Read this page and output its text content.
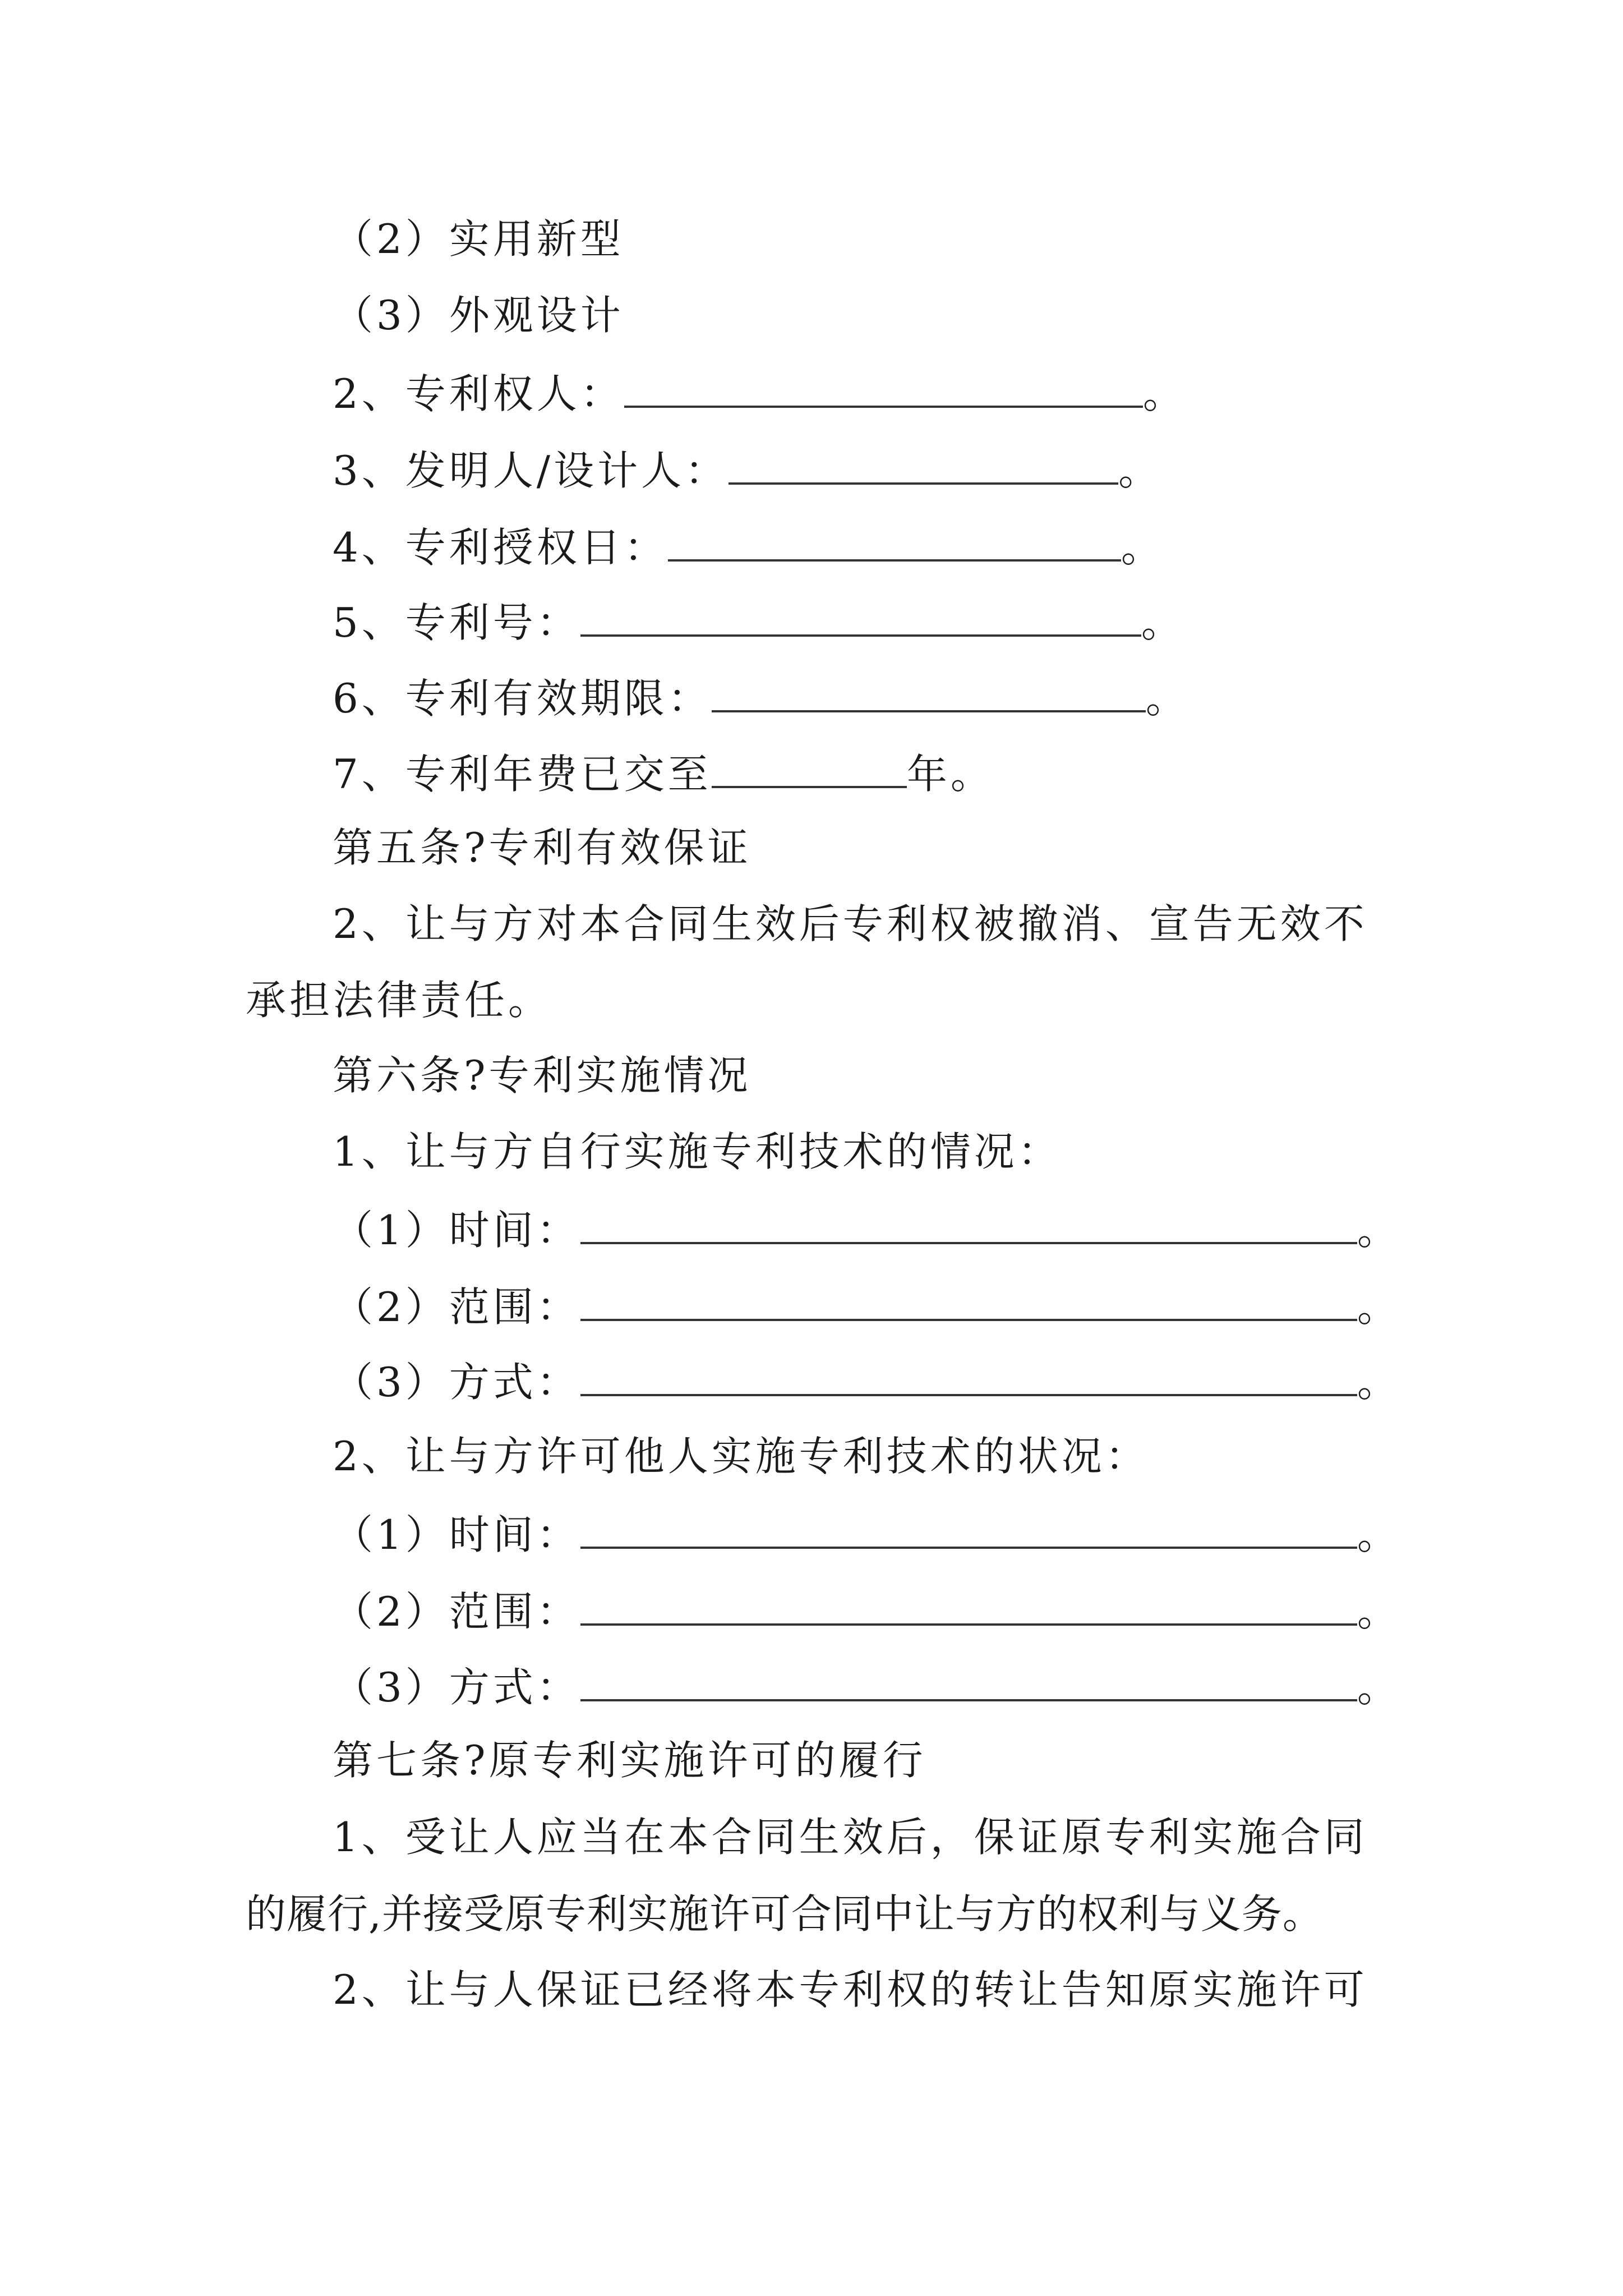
（2）实用新型
（3）外观设计
2、专利权人：	。
3、发明人/设计人：	。
4、专利授权日：	。
5、专利号：	。
6、专利有效期限：	。
7、专利年费已交至	年。
第五条?专利有效保证
2、让与方对本合同生效后专利权被撤消、宣告无效不
承担法律责任。
第六条?专利实施情况
1、让与方自行实施专利技术的情况：
（1）时间：	。
（2）范围：	。
（3）方式：	。
2、让与方许可他人实施专利技术的状况：
（1）时间：	。
（2）范围：	。
（3）方式：	。
第七条?原专利实施许可的履行
1、受让人应当在本合同生效后，保证原专利实施合同
的履行,并接受原专利实施许可合同中让与方的权利与义务。
2、让与人保证已经将本专利权的转让告知原实施许可
